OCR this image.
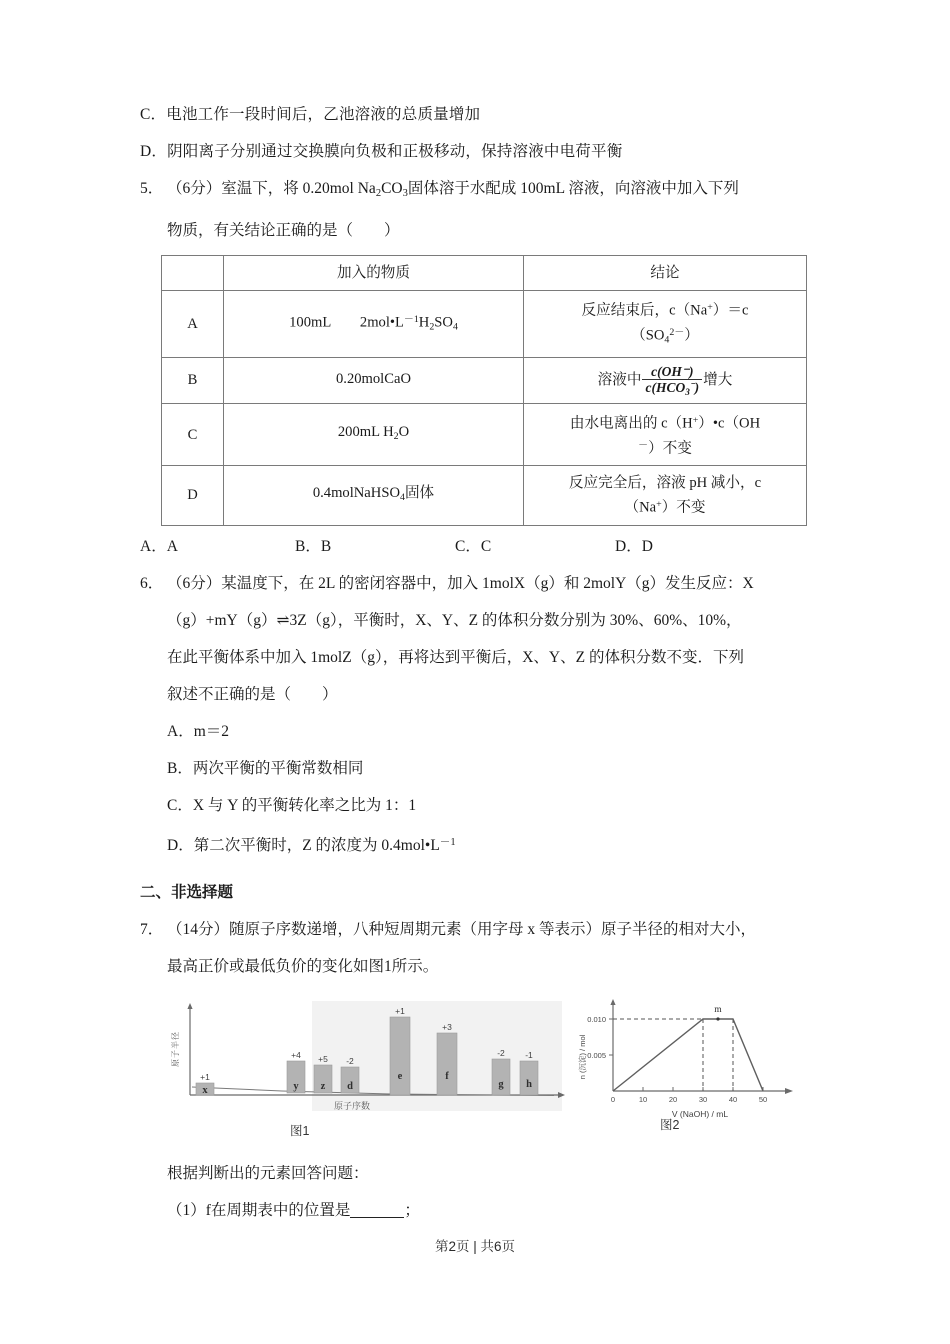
C．电池工作一段时间后，乙池溶液的总质量增加
D．阴阳离子分别通过交换膜向负极和正极移动，保持溶液中电荷平衡
5． （6分）室温下，将 0.20mol $Na_2CO_3$固体溶于水配成 100mL 溶液，向溶液中加入下列
物质，有关结论正确的是（　　）
	加入的物质	结论
A	100mL　　$2mol•L^{-1}H_2SO_4$	反应结束后，c（Na+）＝c
$(SO_4^{2-})$
B	0.20molCaO	溶液中 $\frac{c(OH^-)}{c(HCO_3^{^-})}$ 增大
C	200mL $H_2O$	由水电离出的 c（H+）•c（OH
－）不变
D	0.4molNaHSO$_4$固体	反应完全后，溶液 pH 减小，c
（Na+）不变
A．A	B．B	C．C	D．D
6． （6分）某温度下，在 2L 的密闭容器中，加入 1molX（g）和 2molY（g）发生反应：X
（g）+mY（g）⇌3Z（g），平衡时，X、Y、Z 的体积分数分别为 30%、60%、10%，
在此平衡体系中加入 1molZ（g），再将达到平衡后，X、Y、Z 的体积分数不变．下列
叙述不正确的是（　　）
A．m＝2
B．两次平衡的平衡常数相同
C．X 与 Y 的平衡转化率之比为 1：1
D．第二次平衡时，Z 的浓度为 $0.4mol•L^{-1}$
二、非选择题
7． （14分）随原子序数递增，八种短周期元素（用字母 x 等表示）原子半径的相对大小，
最高正价或最低负价的变化如图1所示。
原子半径
原子序数
+1
+4 +5 -2
+1
+3
-2 -1
x	y z d
e	f
g h
图1
0.010
0.005
0	10	20	30	40	50
m
n (沉淀) / mol
V (NaOH) / mL
图2
根据判断出的元素回答问题：
（1）f在周期表中的位置是	；
第2页 | 共6页
